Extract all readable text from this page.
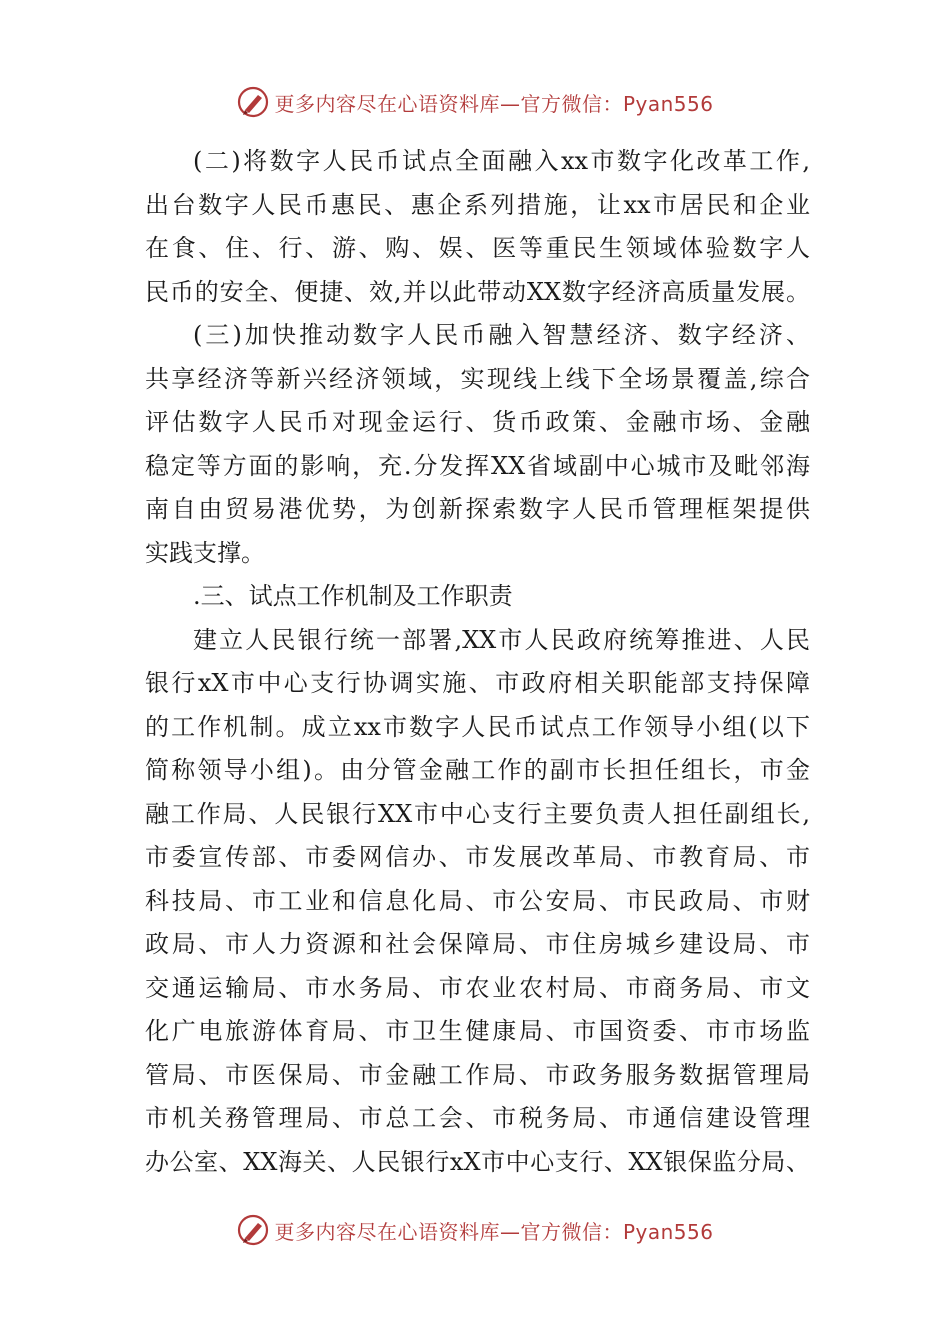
更多内容尽在心语资料库—官方微信：Pyan556
(二)将数字人民币试点全面融入xx市数字化改革工作,
出台数字人民币惠民、惠企系列措施，让xx市居民和企业
在食、住、行、游、购、娱、医等重民生领域体验数字人
民币的安全、便捷、效,并以此带动XX数字经济高质量发展。
(三)加快推动数字人民币融入智慧经济、数字经济、
共享经济等新兴经济领域，实现线上线下全场景覆盖,综合
评估数字人民币对现金运行、货币政策、金融市场、金融
稳定等方面的影响，充.分发挥XX省域副中心城市及毗邻海
南自由贸易港优势，为创新探索数字人民币管理框架提供
实践支撑。
.三、试点工作机制及工作职责
建立人民银行统一部署,XX市人民政府统筹推进、人民
银行xX市中心支行协调实施、市政府相关职能部支持保障
的工作机制。成立xx市数字人民币试点工作领导小组(以下
简称领导小组)。由分管金融工作的副市长担任组长，市金
融工作局、人民银行XX市中心支行主要负责人担任副组长,
市委宣传部、市委网信办、市发展改革局、市教育局、市
科技局、市工业和信息化局、市公安局、市民政局、市财
政局、市人力资源和社会保障局、市住房城乡建设局、市
交通运输局、市水务局、市农业农村局、市商务局、市文
化广电旅游体育局、市卫生健康局、市国资委、市市场监
管局、市医保局、市金融工作局、市政务服务数据管理局
市机关務管理局、市总工会、市税务局、市通信建设管理
办公室、XX海关、人民银行xX市中心支行、XX银保监分局、
更多内容尽在心语资料库—官方微信：Pyan556
